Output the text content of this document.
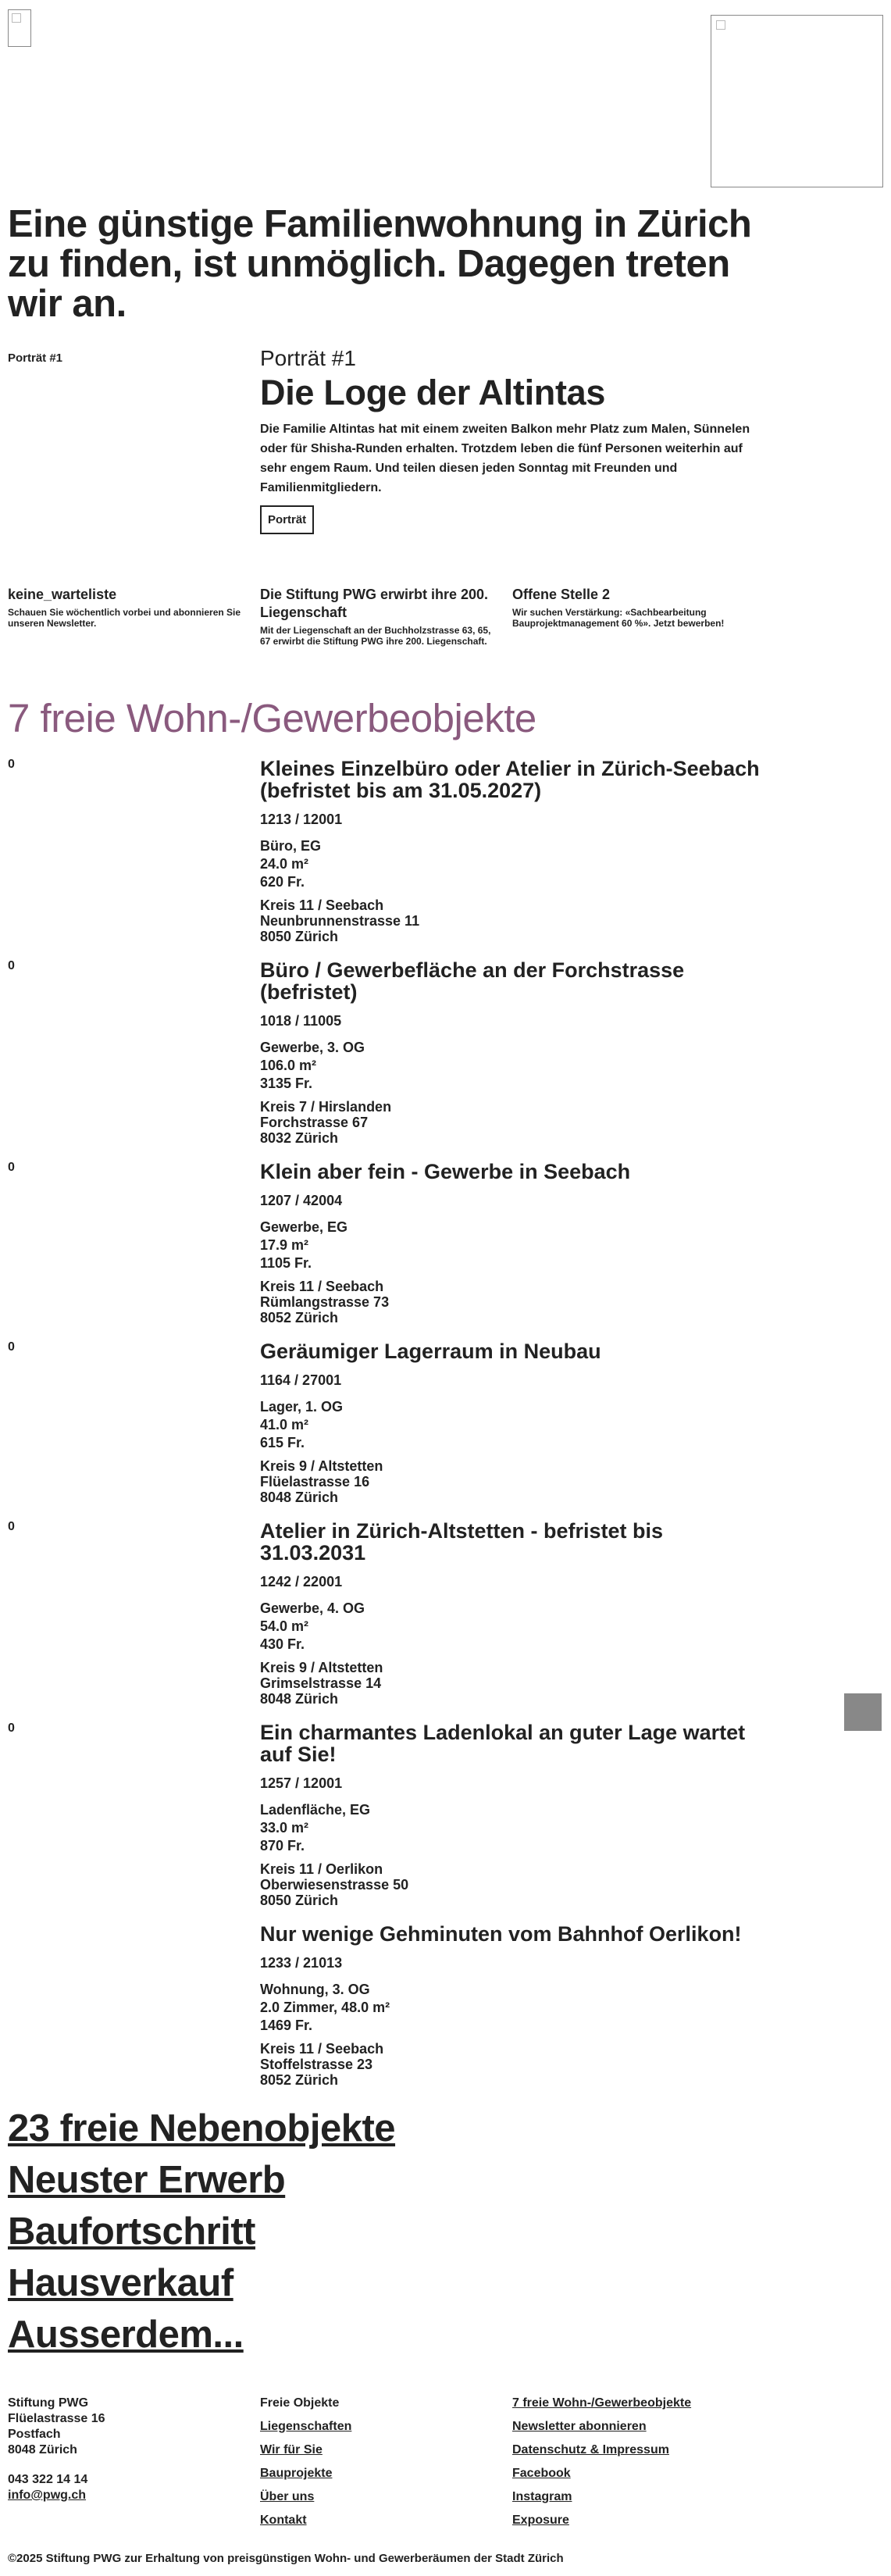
Eine günstige Familienwohnung in Zürich zu finden, ist unmöglich. Dagegen treten wir an.
Porträt #1	Porträt #1
Die Loge der Altintas
Die Familie Altintas hat mit einem zweiten Balkon mehr Platz zum Malen, Sünnelen oder für Shisha-Runden erhalten. Trotzdem leben die fünf Personen weiterhin auf sehr engem Raum. Und teilen diesen jeden Sonntag mit Freunden und Familienmitgliedern.
Porträt
keine_warteliste
Schauen Sie wöchentlich vorbei und abonnieren Sie unseren Newsletter.
Die Stiftung PWG erwirbt ihre 200. Liegenschaft
Mit der Liegenschaft an der Buchholzstrasse 63, 65, 67 erwirbt die Stiftung PWG ihre 200. Liegenschaft.
Offene Stelle 2
Wir suchen Verstärkung: «Sachbearbeitung Bauprojektmanagement 60 %». Jetzt bewerben!
7 freie Wohn-/Gewerbeobjekte
0	Kleines Einzelbüro oder Atelier in Zürich-Seebach (befristet bis am 31.05.2027)
1213 / 12001
Büro, EG
24.0 m²
620 Fr.
Kreis 11 / Seebach
Neunbrunnenstrasse 11
8050 Zürich
0	Büro / Gewerbefläche an der Forchstrasse (befristet)
1018 / 11005
Gewerbe, 3. OG
106.0 m²
3135 Fr.
Kreis 7 / Hirslanden
Forchstrasse 67
8032 Zürich
0	Klein aber fein - Gewerbe in Seebach
1207 / 42004
Gewerbe, EG
17.9 m²
1105 Fr.
Kreis 11 / Seebach
Rümlangstrasse 73
8052 Zürich
0	Geräumiger Lagerraum in Neubau
1164 / 27001
Lager, 1. OG
41.0 m²
615 Fr.
Kreis 9 / Altstetten
Flüelastrasse 16
8048 Zürich
0	Atelier in Zürich-Altstetten - befristet bis 31.03.2031
1242 / 22001
Gewerbe, 4. OG
54.0 m²
430 Fr.
Kreis 9 / Altstetten
Grimselstrasse 14
8048 Zürich
0	Ein charmantes Ladenlokal an guter Lage wartet auf Sie!
1257 / 12001
Ladenfläche, EG
33.0 m²
870 Fr.
Kreis 11 / Oerlikon
Oberwiesenstrasse 50
8050 Zürich
Nur wenige Gehminuten vom Bahnhof Oerlikon!
1233 / 21013
Wohnung, 3. OG
2.0 Zimmer, 48.0 m²
1469 Fr.
Kreis 11 / Seebach
Stoffelstrasse 23
8052 Zürich
23 freie Nebenobjekte
Neuster Erwerb
Baufortschritt
Hausverkauf
Ausserdem...
Stiftung PWG
Flüelastrasse 16
Postfach
8048 Zürich
043 322 14 14
info@pwg.ch
Freie Objekte
Liegenschaften
Wir für Sie
Bauprojekte
Über uns
Kontakt
7 freie Wohn-/Gewerbeobjekte
Newsletter abonnieren
Datenschutz & Impressum
Facebook
Instagram
Exposure
©2025 Stiftung PWG zur Erhaltung von preisgünstigen Wohn- und Gewerberäumen der Stadt Zürich
